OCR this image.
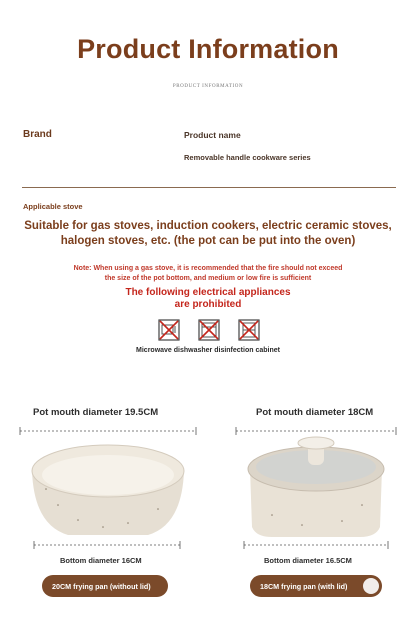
Product Information
PRODUCT INFORMATION
Brand	Product name
Removable handle cookware series
Applicable stove
Suitable for gas stoves, induction cookers, electric ceramic stoves,
halogen stoves, etc. (the pot can be put into the oven)
Note: When using a gas stove, it is recommended that the fire should not exceed
the size of the pot bottom, and medium or low fire is sufficient
The following electrical appliances
are prohibited
Microwave dishwasher disinfection cabinet
Pot mouth diameter 19.5CM
Bottom diameter 16CM
20CM frying pan (without lid)
Pot mouth diameter 18CM
Bottom diameter 16.5CM
18CM frying pan (with lid)
